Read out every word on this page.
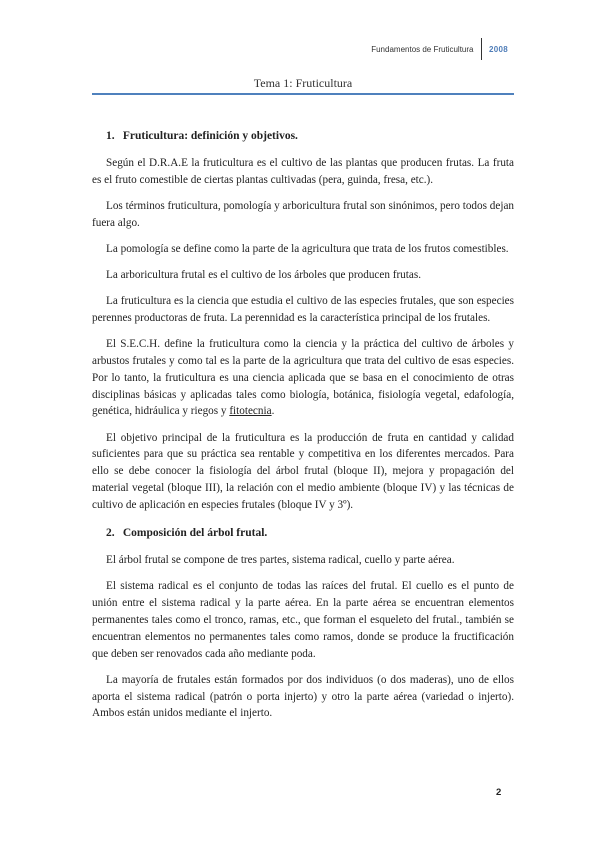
Fundamentos de Fruticultura	2008
Tema 1: Fruticultura
1. Fruticultura: definición y objetivos.

Según el D.R.A.E la fruticultura es el cultivo de las plantas que producen frutas. La fruta es el fruto comestible de ciertas plantas cultivadas (pera, guinda, fresa, etc.).

Los términos fruticultura, pomología y arboricultura frutal son sinónimos, pero todos dejan fuera algo.

La pomología se define como la parte de la agricultura que trata de los frutos comestibles.

La arboricultura frutal es el cultivo de los árboles que producen frutas.

La fruticultura es la ciencia que estudia el cultivo de las especies frutales, que son especies perennes productoras de fruta. La perennidad es la característica principal de los frutales.

El S.E.C.H. define la fruticultura como la ciencia y la práctica del cultivo de árboles y arbustos frutales y como tal es la parte de la agricultura que trata del cultivo de esas especies. Por lo tanto, la fruticultura es una ciencia aplicada que se basa en el conocimiento de otras disciplinas básicas y aplicadas tales como biología, botánica, fisiología vegetal, edafología, genética, hidráulica y riegos y fitotecnia.

El objetivo principal de la fruticultura es la producción de fruta en cantidad y calidad suficientes para que su práctica sea rentable y competitiva en los diferentes mercados. Para ello se debe conocer la fisiología del árbol frutal (bloque II), mejora y propagación del material vegetal (bloque III), la relación con el medio ambiente (bloque IV) y las técnicas de cultivo de aplicación en especies frutales (bloque IV y 3º).

2. Composición del árbol frutal.

El árbol frutal se compone de tres partes, sistema radical, cuello y parte aérea.

El sistema radical es el conjunto de todas las raíces del frutal. El cuello es el punto de unión entre el sistema radical y la parte aérea. En la parte aérea se encuentran elementos permanentes tales como el tronco, ramas, etc., que forman el esqueleto del frutal., también se encuentran elementos no permanentes tales como ramos, donde se produce la fructificación que deben ser renovados cada año mediante poda.

La mayoría de frutales están formados por dos individuos (o dos maderas), uno de ellos aporta el sistema radical (patrón o porta injerto) y otro la parte aérea (variedad o injerto). Ambos están unidos mediante el injerto.

2
